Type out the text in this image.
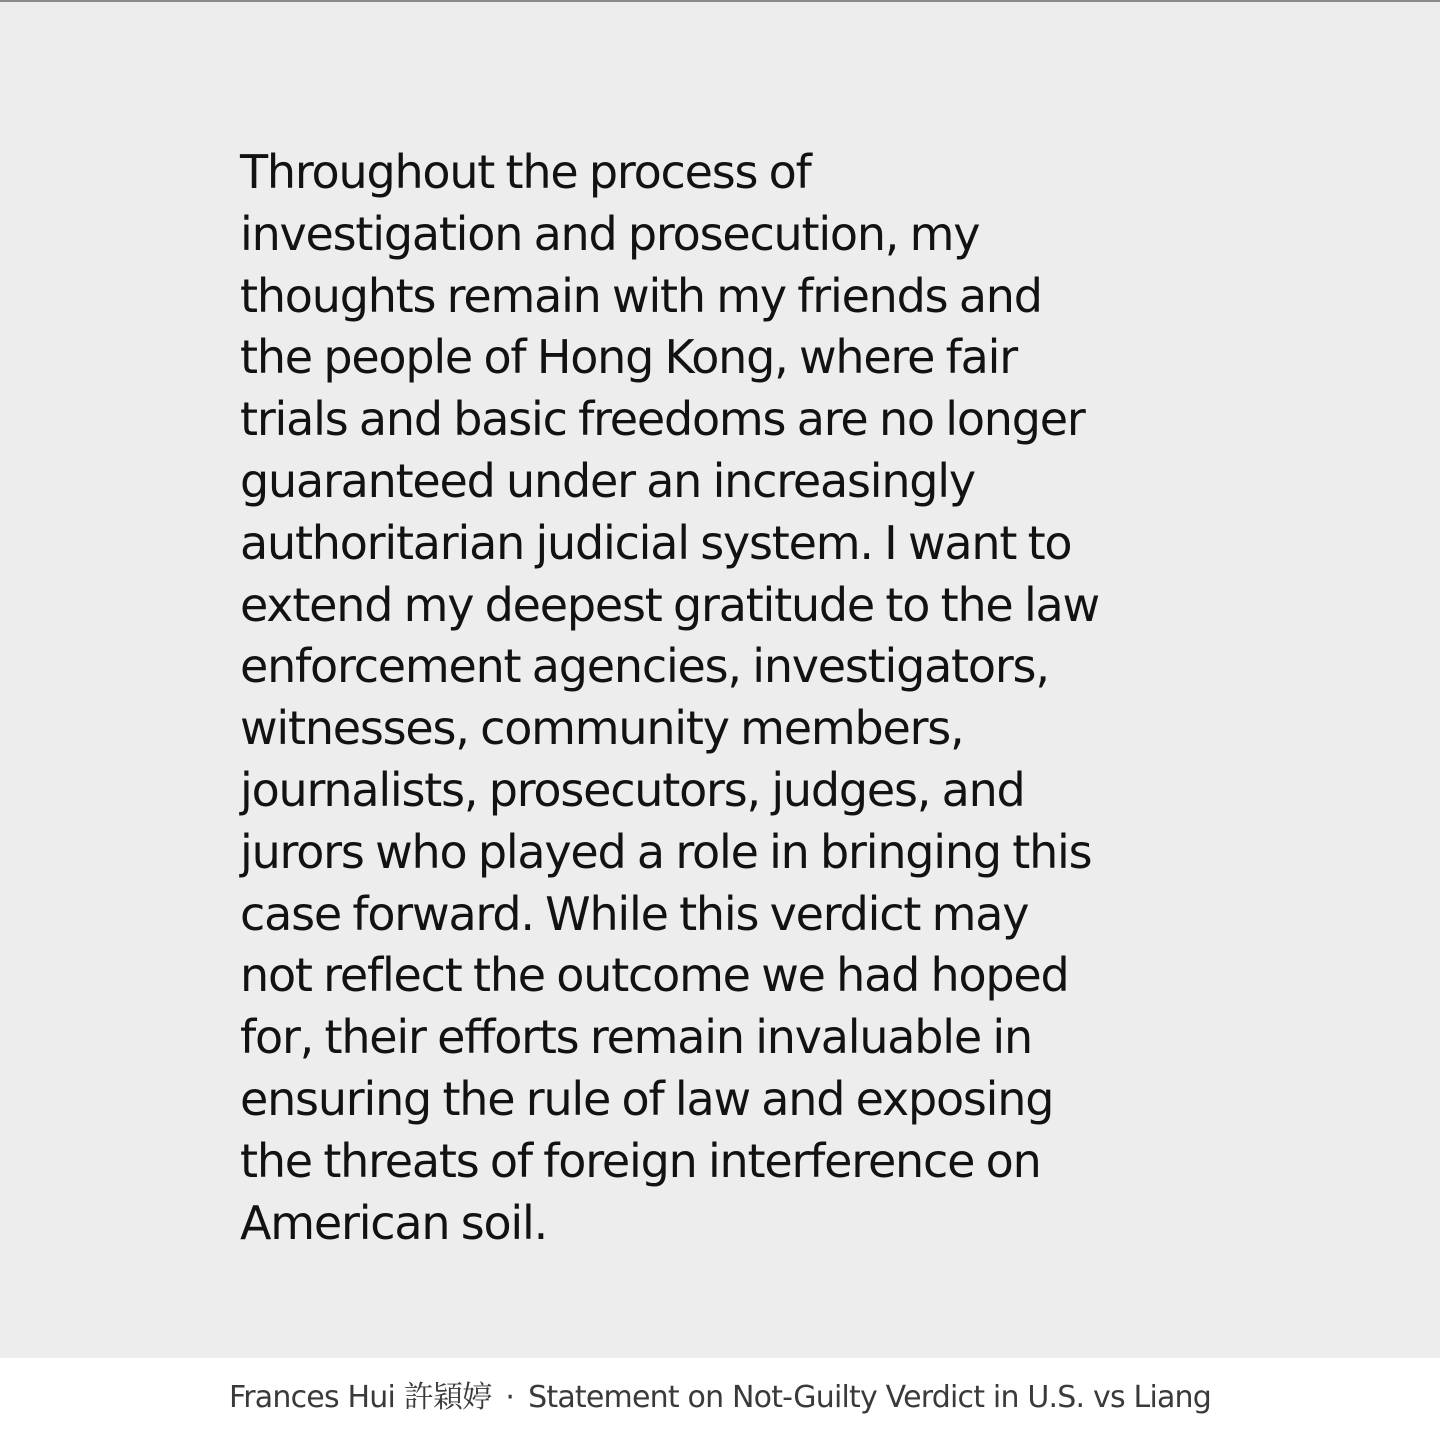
Throughout the process of
investigation and prosecution, my
thoughts remain with my friends and
the people of Hong Kong, where fair
trials and basic freedoms are no longer
guaranteed under an increasingly
authoritarian judicial system. I want to
extend my deepest gratitude to the law
enforcement agencies, investigators,
witnesses, community members,
journalists, prosecutors, judges, and
jurors who played a role in bringing this
case forward. While this verdict may
not reflect the outcome we had hoped
for, their efforts remain invaluable in
ensuring the rule of law and exposing
the threats of foreign interference on
American soil.
Frances Hui 許穎婷 · Statement on Not-Guilty Verdict in U.S. vs Liang
